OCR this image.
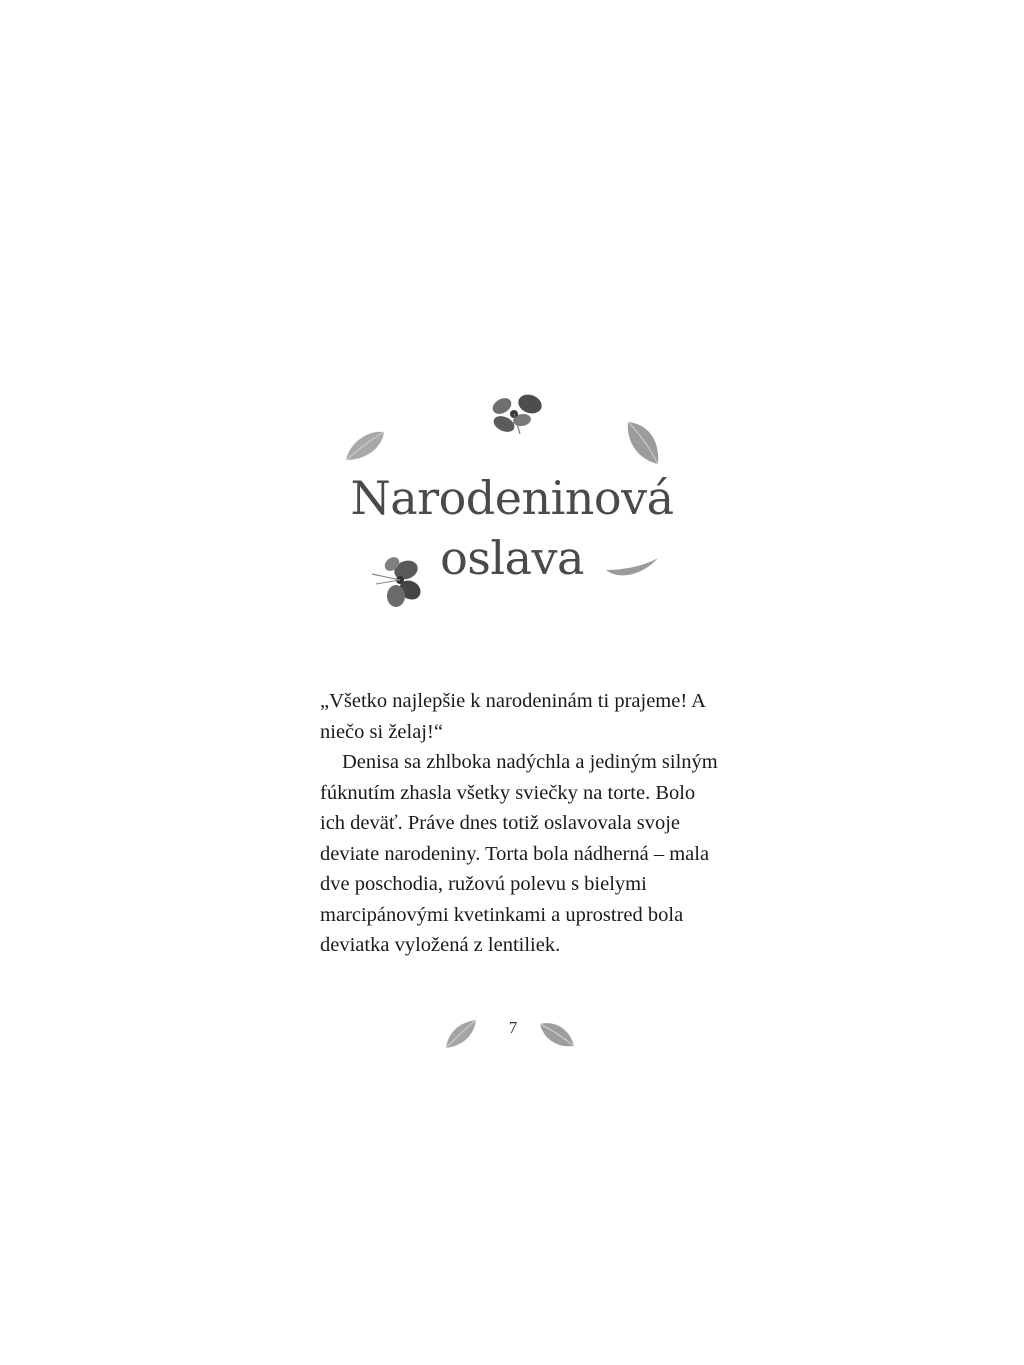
Narodeninová
oslava

„Všetko najlepšie k narodeninám ti prajeme! A niečo si želaj!“

Denisa sa zhlboka nadýchla a jediným silným fúknutím zhasla všetky sviečky na torte. Bolo ich deväť. Práve dnes totiž oslavovala svoje deviate narodeniny. Torta bola nádherná – mala dve poschodia, ružovú polevu s bielymi marcipánovými kvetinkami a uprostred bola deviatka vyložená z lentiliek.

7
